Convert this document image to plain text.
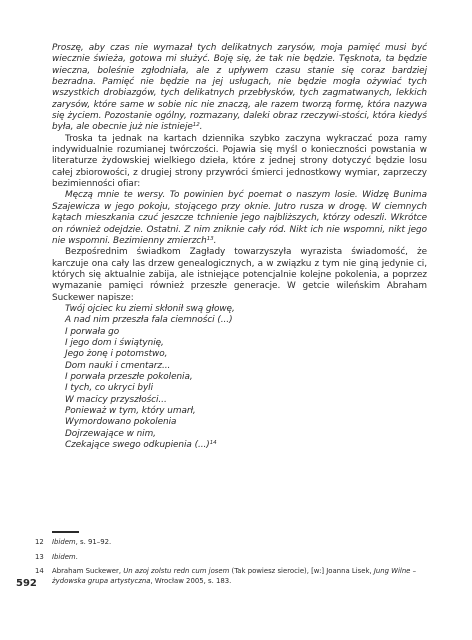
Proszę, aby czas nie wymazał tych delikatnych zarysów, moja pamięć musi być wiecznie świeża, gotowa mi służyć. Boję się, że tak nie będzie. Tęsknota, ta będzie wieczna, boleśnie zgłodniała, ale z upływem czasu stanie się coraz bardziej bezradna. Pamięć nie będzie na jej usługach, nie będzie mogła ożywiać tych wszystkich drobiazgów, tych delikatnych przebłysków, tych zagmatwanych, lekkich zarysów, które same w sobie nic nie znaczą, ale razem tworzą formę, która nazywa się życiem. Pozostanie ogólny, rozmazany, daleki obraz rzeczywi-stości, która kiedyś była, ale obecnie już nie istnieje$^{12}$.

Troska ta jednak na kartach dziennika szybko zaczyna wykraczać poza ramy indywidualnie rozumianej twórczości. Pojawia się myśl o konieczności powstania w literaturze żydowskiej wielkiego dzieła, które z jednej strony dotyczyć będzie losu całej zbiorowości, z drugiej strony przywróci śmierci jednostkowy wymiar, zaprzeczy bezimienności ofiar:

Męczą mnie te wersy. To powinien być poemat o naszym losie. Widzę Bunima Szajewicza w jego pokoju, stojącego przy oknie. Jutro rusza w drogę. W ciemnych kątach mieszkania czuć jeszcze tchnienie jego najbliższych, którzy odeszli. Wkrótce on również odejdzie. Ostatni. Z nim zniknie cały ród. Nikt ich nie wspomni, nikt jego nie wspomni. Bezimienny zmierzch$^{13}$.

Bezpośrednim świadkom Zagłady towarzyszyła wyrazista świadomość, że karczuje ona cały las drzew genealogicznych, a w związku z tym nie giną jedynie ci, których się aktualnie zabija, ale istniejące potencjalnie kolejne pokolenia, a poprzez wymazanie pamięci również przeszłe generacje. W getcie wileńskim Abraham Suckewer napisze:

Twój ojciec ku ziemi skłonił swą głowę,
A nad nim przeszła fala ciemności (...)
I porwała go
I jego dom i świątynię,
Jego żonę i potomstwo,
Dom nauki i cmentarz...
I porwała przeszłe pokolenia,
I tych, co ukryci byli
W macicy przyszłości...
Ponieważ w tym, który umarł,
Wymordowano pokolenia
Dojrzewające w nim,
Czekające swego odkupienia (...)$^{14}$
12	Ibidem, s. 91–92.
13	Ibidem.
14	Abraham Suckewer, Un azoj zolstu redn cum josem (Tak powiesz sierocie), [w:] Joanna Lisek, Jung Wilne – żydowska grupa artystyczna, Wrocław 2005, s. 183.
592
